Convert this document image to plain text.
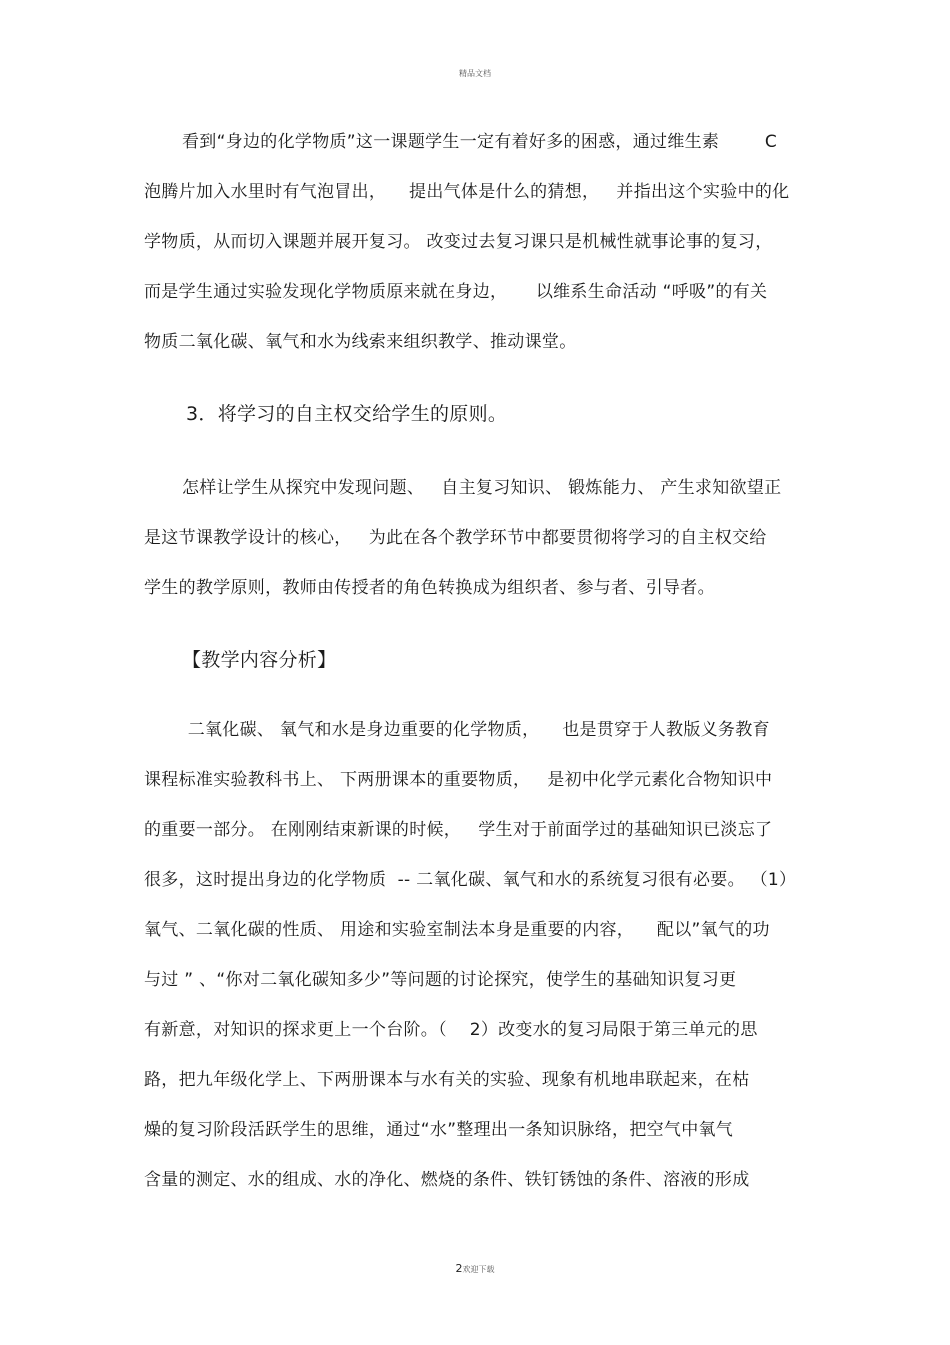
精品文档
看到“身边的化学物质”这一课题学生一定有着好多的困惑，通过维生素        C
泡腾片加入水里时有气泡冒出，    提出气体是什么的猜想，   并指出这个实验中的化
学物质，从而切入课题并展开复习。 改变过去复习课只是机械性就事论事的复习，
而是学生通过实验发现化学物质原来就在身边，     以维系生命活动 “呼吸”的有关
物质二氧化碳、氧气和水为线索来组织教学、推动课堂。
3．将学习的自主权交给学生的原则。
怎样让学生从探究中发现问题、   自主复习知识、 锻炼能力、 产生求知欲望正
是这节课教学设计的核心，   为此在各个教学环节中都要贯彻将学习的自主权交给
学生的教学原则，教师由传授者的角色转换成为组织者、参与者、引导者。
【教学内容分析】
二氧化碳、 氧气和水是身边重要的化学物质，    也是贯穿于人教版义务教育
课程标准实验教科书上、 下两册课本的重要物质，   是初中化学元素化合物知识中
的重要一部分。 在刚刚结束新课的时候，   学生对于前面学过的基础知识已淡忘了
很多，这时提出身边的化学物质  -- 二氧化碳、氧气和水的系统复习很有必要。 （1）
氧气、二氧化碳的性质、 用途和实验室制法本身是重要的内容，    配以”氧气的功
与过 ” 、“你对二氧化碳知多少”等问题的讨论探究，使学生的基础知识复习更
有新意，对知识的探求更上一个台阶。（    2）改变水的复习局限于第三单元的思
路，把九年级化学上、下两册课本与水有关的实验、现象有机地串联起来，在枯
燥的复习阶段活跃学生的思维，通过“水”整理出一条知识脉络，把空气中氧气
含量的测定、水的组成、水的净化、燃烧的条件、铁钉锈蚀的条件、溶液的形成
2欢迎下载
